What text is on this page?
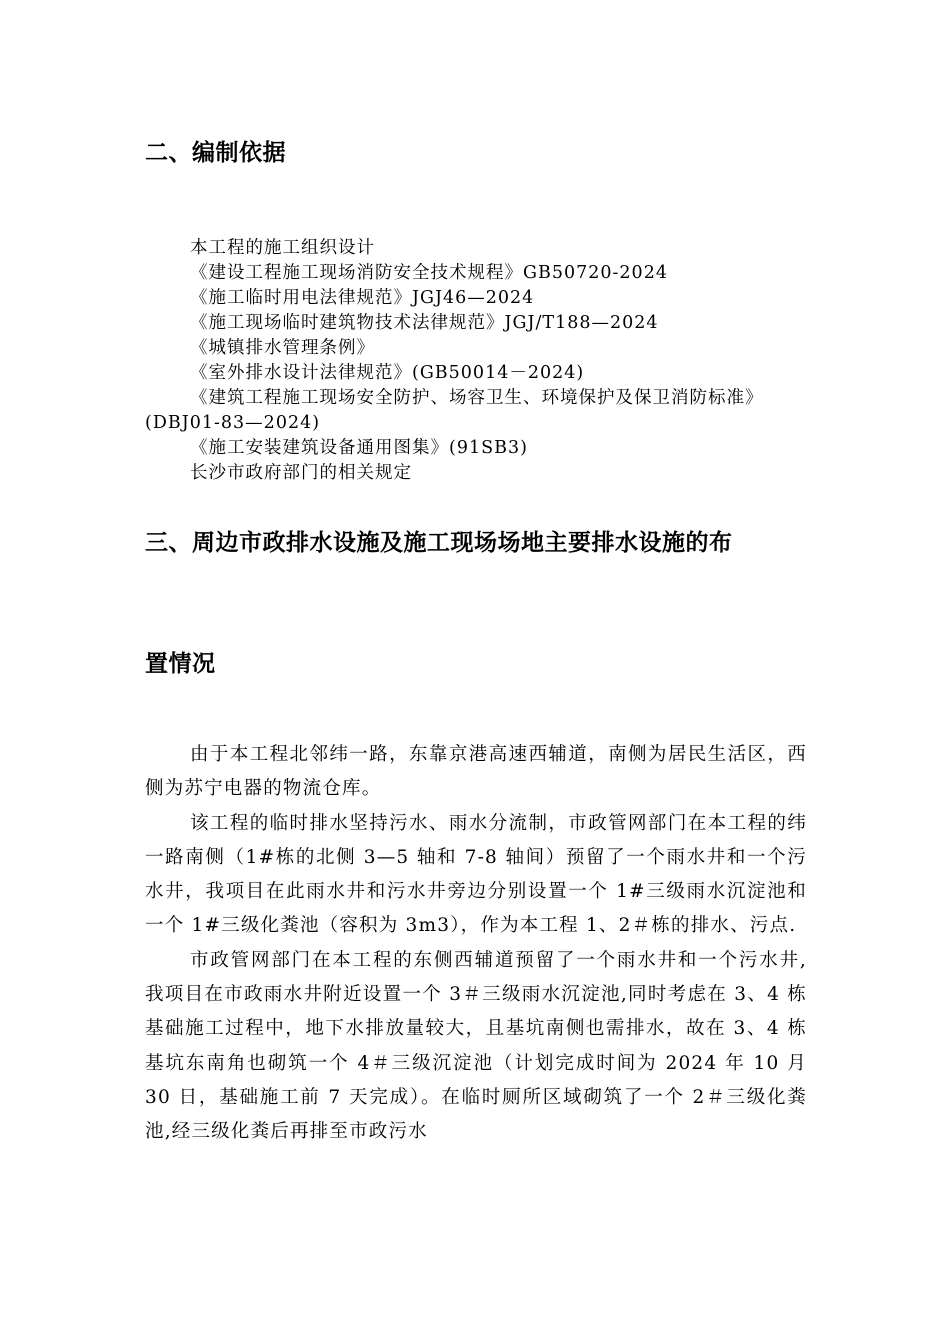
二、编制依据

本工程的施工组织设计

《建设工程施工现场消防安全技术规程》GB50720-2024

《施工临时用电法律规范》JGJ46—2024

《施工现场临时建筑物技术法律规范》JGJ/T188—2024

《城镇排水管理条例》

《室外排水设计法律规范》(GB50014－2024)

《建筑工程施工现场安全防护、场容卫生、环境保护及保卫消防标准》(DBJ01-83—2024)

《施工安装建筑设备通用图集》(91SB3)

长沙市政府部门的相关规定

三、周边市政排水设施及施工现场场地主要排水设施的布
置情况

由于本工程北邻纬一路，东靠京港高速西辅道，南侧为居民生活区，西侧为苏宁电器的物流仓库。

该工程的临时排水坚持污水、雨水分流制，市政管网部门在本工程的纬一路南侧（1#栋的北侧 3—5 轴和 7-8 轴间）预留了一个雨水井和一个污水井，我项目在此雨水井和污水井旁边分别设置一个 1#三级雨水沉淀池和一个 1#三级化粪池（容积为 3m3），作为本工程 1、2＃栋的排水、污点.

市政管网部门在本工程的东侧西辅道预留了一个雨水井和一个污水井,我项目在市政雨水井附近设置一个 3＃三级雨水沉淀池,同时考虑在 3、4 栋基础施工过程中，地下水排放量较大，且基坑南侧也需排水，故在 3、4 栋基坑东南角也砌筑一个 4＃三级沉淀池（计划完成时间为 2024 年 10 月 30 日，基础施工前 7 天完成）。在临时厕所区域砌筑了一个 2＃三级化粪池,经三级化粪后再排至市政污水
